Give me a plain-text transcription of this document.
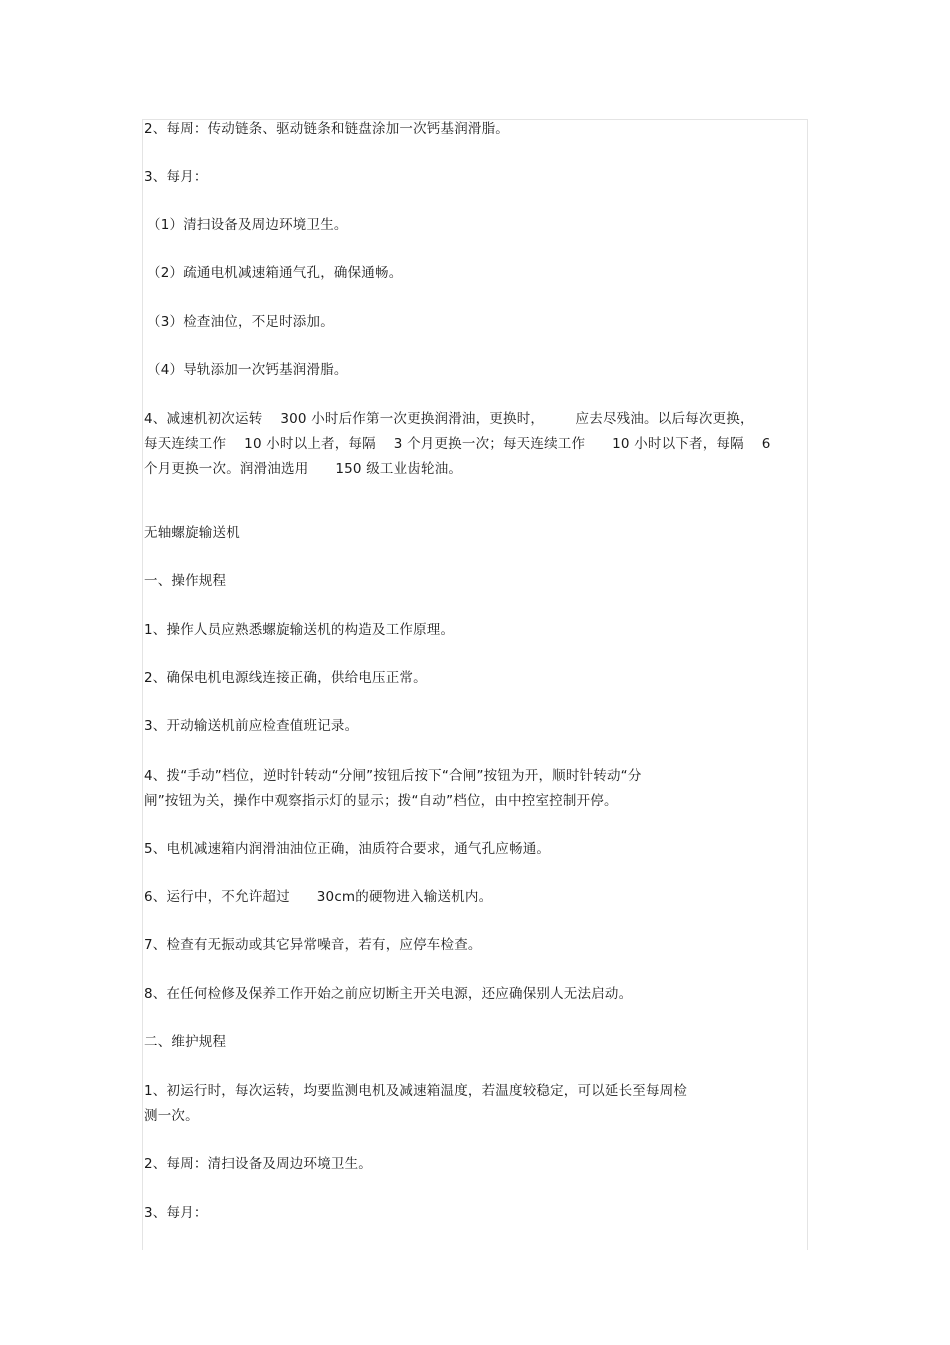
2、每周：传动链条、驱动链条和链盘涂加一次钙基润滑脂。
3、每月：
（1）清扫设备及周边环境卫生。
（2）疏通电机减速箱通气孔，确保通畅。
（3）检查油位，不足时添加。
（4）导轨添加一次钙基润滑脂。
4、减速机初次运转    300 小时后作第一次更换润滑油，更换时，       应去尽残油。以后每次更换，
每天连续工作    10 小时以上者，每隔    3 个月更换一次；每天连续工作      10 小时以下者，每隔    6
个月更换一次。润滑油选用      150 级工业齿轮油。
无轴螺旋输送机
一、操作规程
1、操作人员应熟悉螺旋输送机的构造及工作原理。
2、确保电机电源线连接正确，供给电压正常。
3、开动输送机前应检查值班记录。
4、拨“手动”档位，逆时针转动“分闸”按钮后按下“合闸”按钮为开，顺时针转动“分
闸”按钮为关，操作中观察指示灯的显示；拨“自动”档位，由中控室控制开停。
5、电机减速箱内润滑油油位正确，油质符合要求，通气孔应畅通。
6、运行中，不允许超过      30cm的硬物进入输送机内。
7、检查有无振动或其它异常噪音，若有，应停车检查。
8、在任何检修及保养工作开始之前应切断主开关电源，还应确保别人无法启动。
二、维护规程
1、初运行时，每次运转，均要监测电机及减速箱温度，若温度较稳定，可以延长至每周检
测一次。
2、每周：清扫设备及周边环境卫生。
3、每月：
